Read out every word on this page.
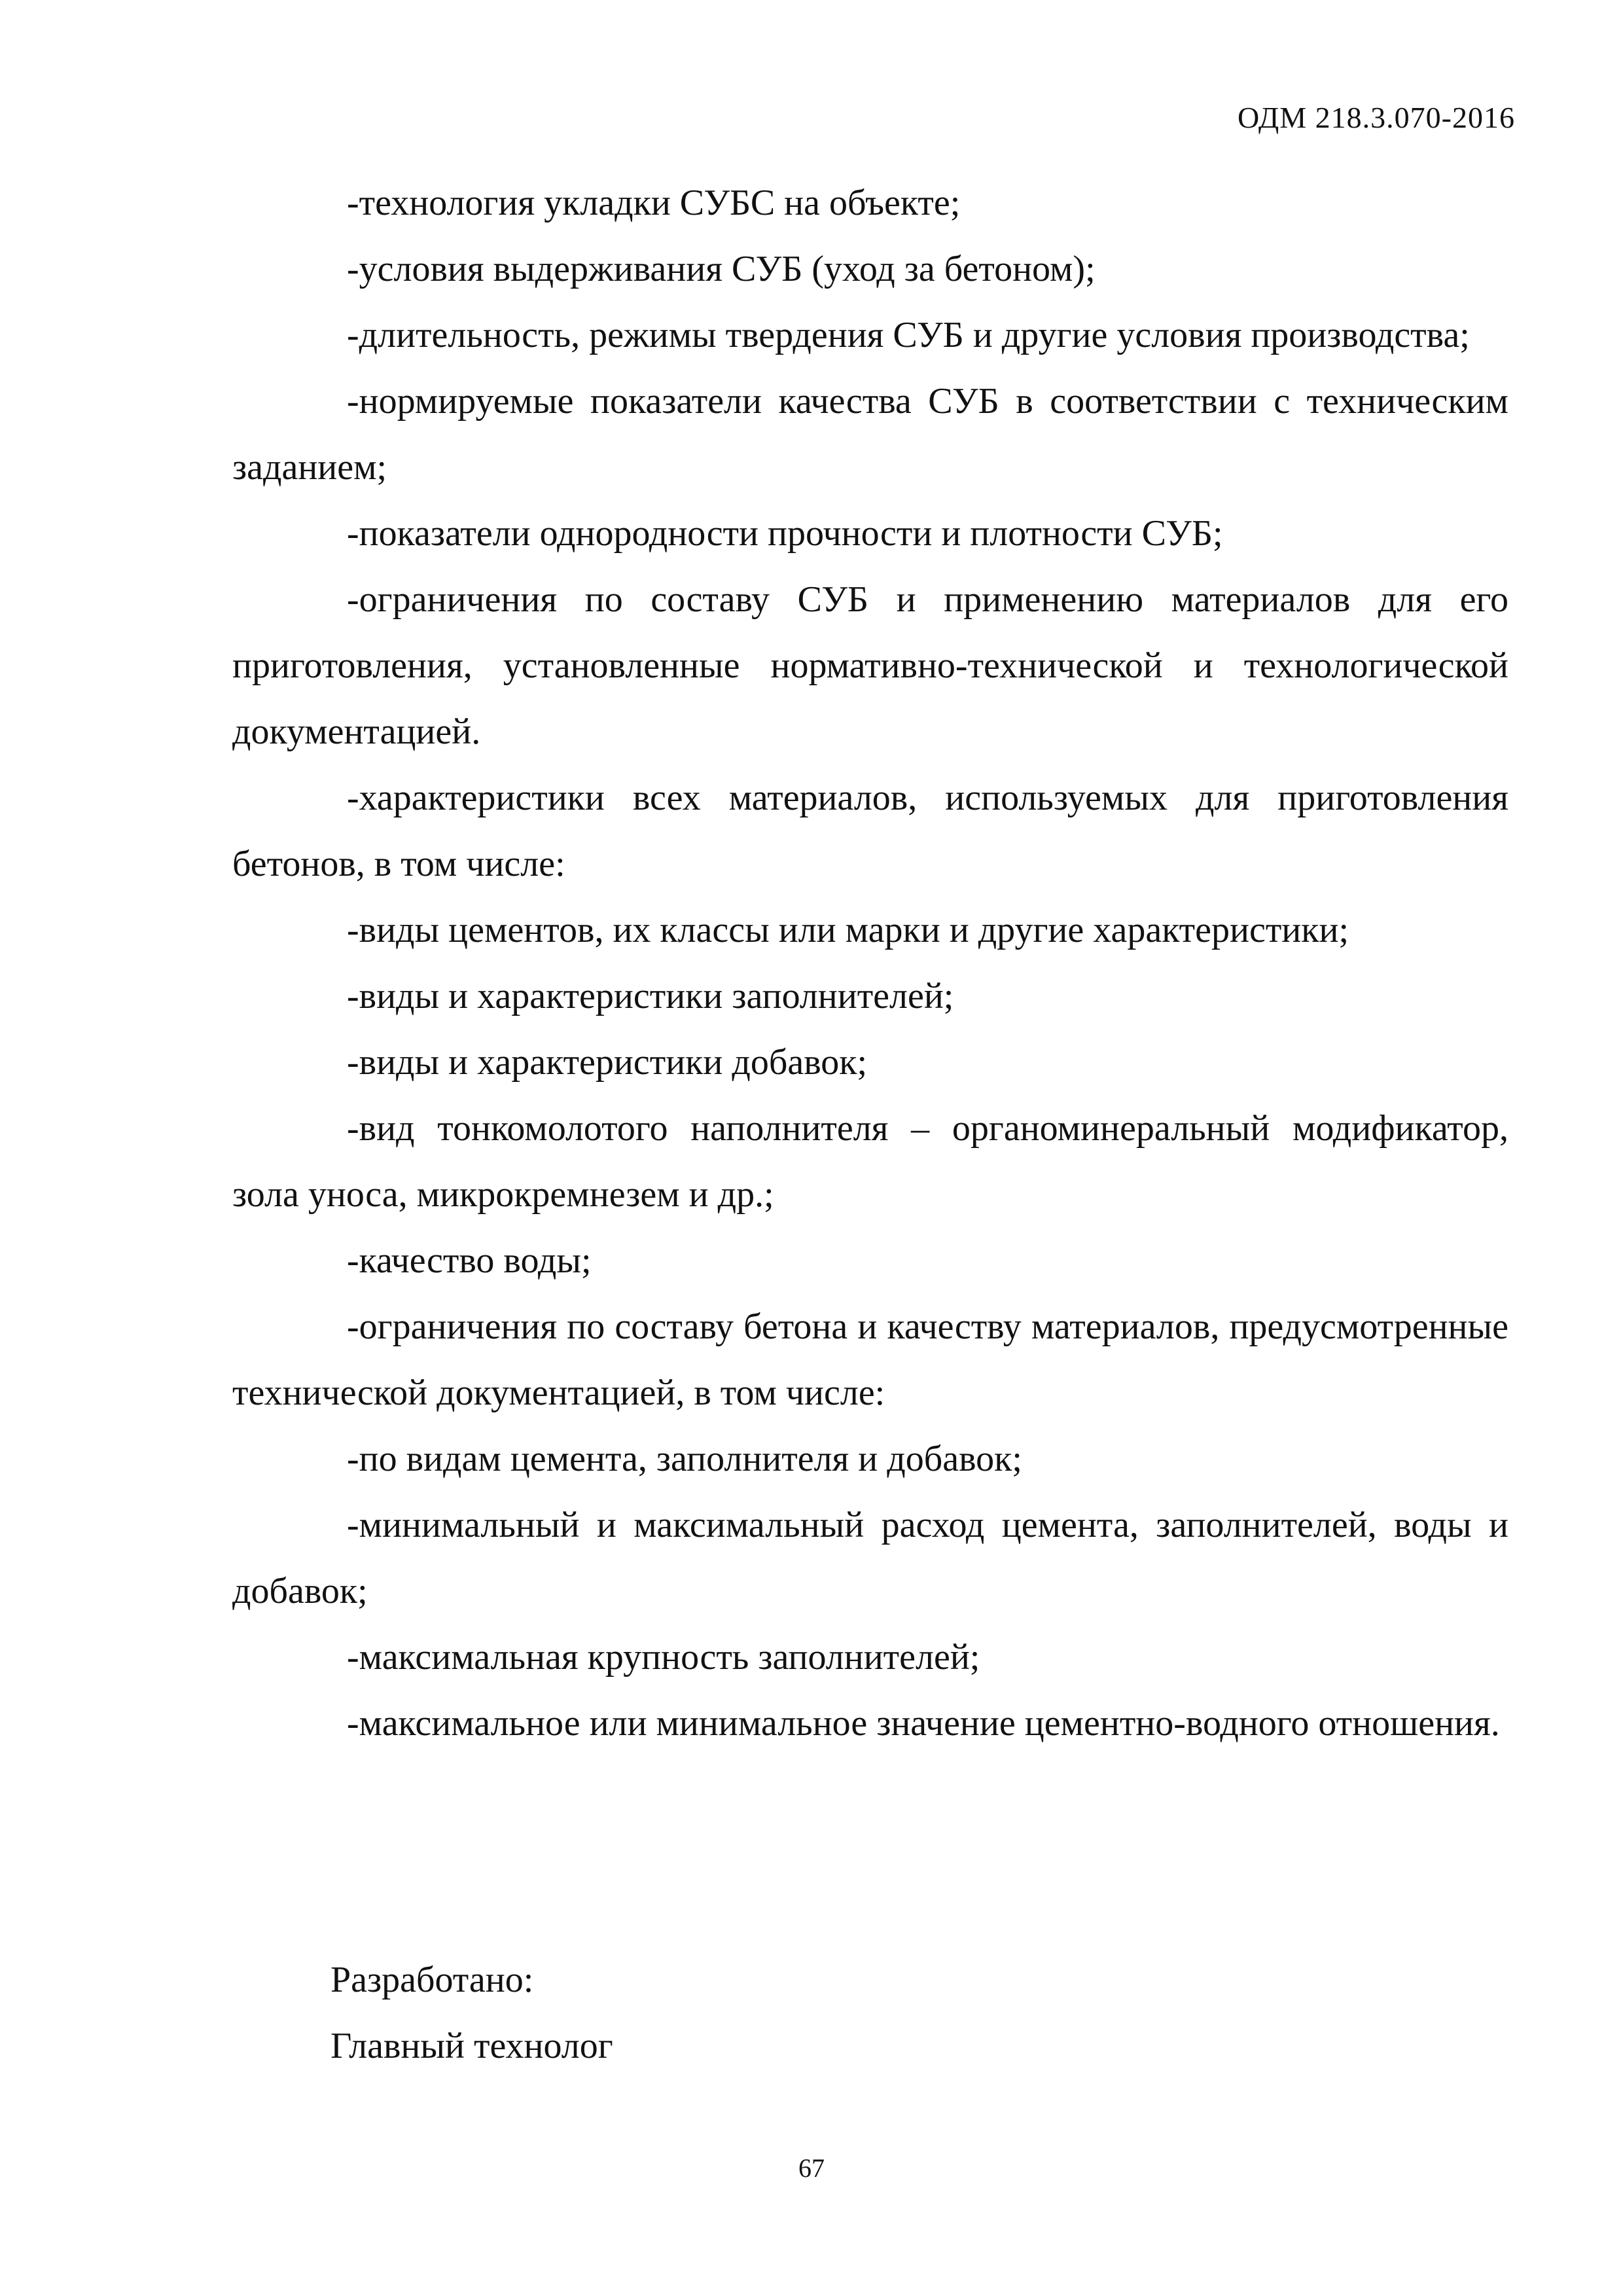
ОДМ 218.3.070-2016

-технология укладки СУБС на объекте;

-условия выдерживания СУБ (уход за бетоном);

-длительность, режимы твердения СУБ и другие условия производства;

-нормируемые показатели качества СУБ в соответствии с техническим заданием;

-показатели однородности прочности и плотности СУБ;

-ограничения по составу СУБ и применению материалов для его приготовления, установленные нормативно-технической и технологической документацией.

-характеристики всех материалов, используемых для приготовления бетонов, в том числе:

-виды цементов, их классы или марки и другие характеристики;

-виды и характеристики заполнителей;

-виды и характеристики добавок;

-вид тонкомолотого наполнителя – органоминеральный модификатор, зола уноса, микрокремнезем и др.;

-качество воды;

-ограничения по составу бетона и качеству материалов, предусмотренные технической документацией, в том числе:

-по видам цемента, заполнителя и добавок;

-минимальный и максимальный расход цемента, заполнителей, воды и добавок;

-максимальная крупность заполнителей;

-максимальное или минимальное значение цементно-водного отношения.

Разработано:

Главный технолог

67
